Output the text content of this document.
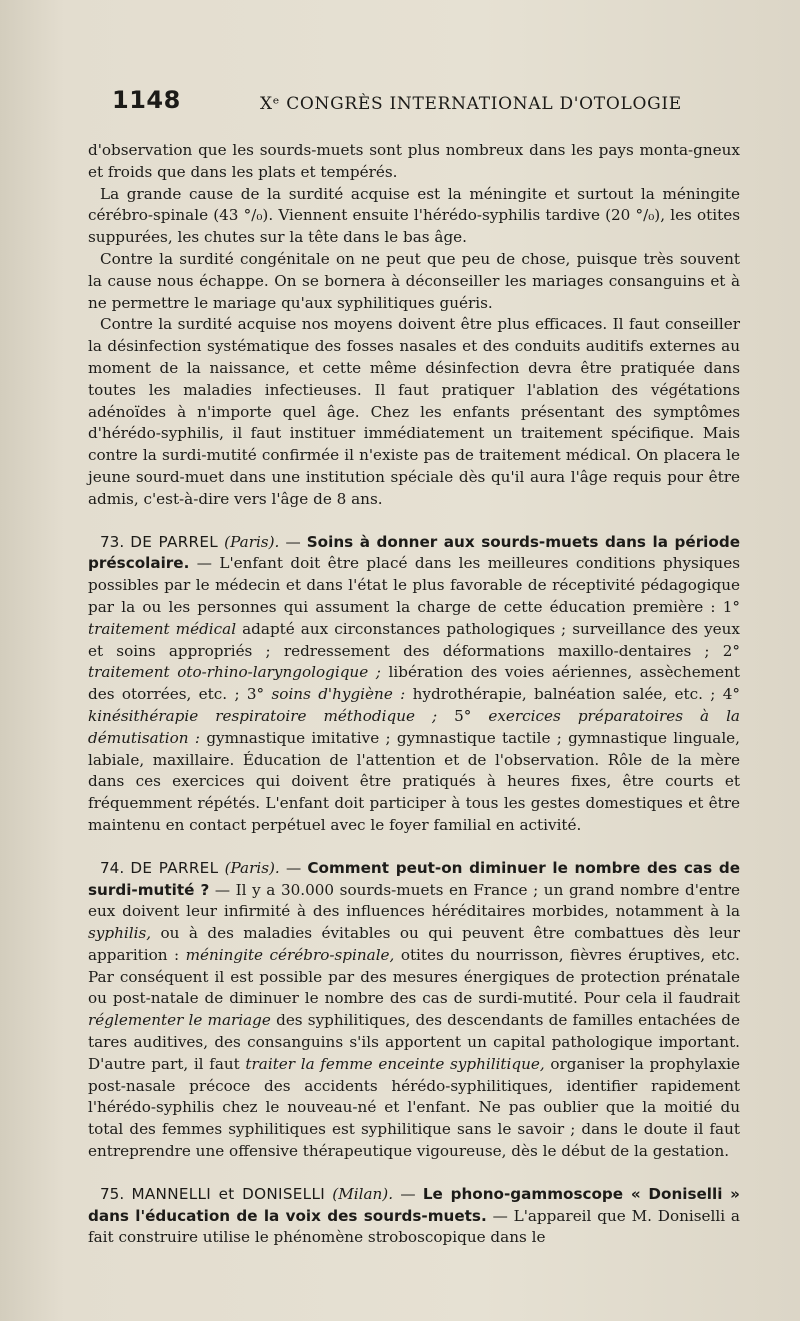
1148	Xᵉ CONGRÈS INTERNATIONAL D'OTOLOGIE

d'observation que les sourds-muets sont plus nombreux dans les pays monta-gneux et froids que dans les plats et tempérés.

La grande cause de la surdité acquise est la méningite et surtout la méningite cérébro-spinale (43 °/₀). Viennent ensuite l'hérédo-syphilis tardive (20 °/₀), les otites suppurées, les chutes sur la tête dans le bas âge.

Contre la surdité congénitale on ne peut que peu de chose, puisque très souvent la cause nous échappe. On se bornera à déconseiller les mariages consanguins et à ne permettre le mariage qu'aux syphilitiques guéris.

Contre la surdité acquise nos moyens doivent être plus efficaces. Il faut conseiller la désinfection systématique des fosses nasales et des conduits auditifs externes au moment de la naissance, et cette même désinfection devra être pratiquée dans toutes les maladies infectieuses. Il faut pratiquer l'ablation des végétations adénoïdes à n'importe quel âge. Chez les enfants présentant des symptômes d'hérédo-syphilis, il faut instituer immédiatement un traitement spécifique. Mais contre la surdi-mutité confirmée il n'existe pas de traitement médical. On placera le jeune sourd-muet dans une institution spéciale dès qu'il aura l'âge requis pour être admis, c'est-à-dire vers l'âge de 8 ans.

73. DE PARREL (Paris). — Soins à donner aux sourds-muets dans la période préscolaire. — L'enfant doit être placé dans les meilleures conditions physiques possibles par le médecin et dans l'état le plus favorable de réceptivité pédagogique par la ou les personnes qui assument la charge de cette éducation première : 1° traitement médical adapté aux circonstances pathologiques ; surveillance des yeux et soins appropriés ; redressement des déformations maxillo-dentaires ; 2° traitement oto-rhino-laryngologique ; libération des voies aériennes, assèchement des otorrées, etc. ; 3° soins d'hygiène : hydrothérapie, balnéation salée, etc. ; 4° kinésithérapie respiratoire méthodique ; 5° exercices préparatoires à la démutisation : gymnastique imitative ; gymnastique tactile ; gymnastique linguale, labiale, maxillaire. Éducation de l'attention et de l'observation. Rôle de la mère dans ces exercices qui doivent être pratiqués à heures fixes, être courts et fréquemment répétés. L'enfant doit participer à tous les gestes domestiques et être maintenu en contact perpétuel avec le foyer familial en activité.

74. DE PARREL (Paris). — Comment peut-on diminuer le nombre des cas de surdi-mutité ? — Il y a 30.000 sourds-muets en France ; un grand nombre d'entre eux doivent leur infirmité à des influences héréditaires morbides, notamment à la syphilis, ou à des maladies évitables ou qui peuvent être combattues dès leur apparition : méningite cérébro-spinale, otites du nourrisson, fièvres éruptives, etc. Par conséquent il est possible par des mesures énergiques de protection prénatale ou post-natale de diminuer le nombre des cas de surdi-mutité. Pour cela il faudrait réglementer le mariage des syphilitiques, des descendants de familles entachées de tares auditives, des consanguins s'ils apportent un capital pathologique important. D'autre part, il faut traiter la femme enceinte syphilitique, organiser la prophylaxie post-nasale précoce des accidents hérédo-syphilitiques, identifier rapidement l'hérédo-syphilis chez le nouveau-né et l'enfant. Ne pas oublier que la moitié du total des femmes syphilitiques est syphilitique sans le savoir ; dans le doute il faut entreprendre une offensive thérapeutique vigoureuse, dès le début de la gestation.

75. MANNELLI et DONISELLI (Milan). — Le phono-gammoscope « Doniselli » dans l'éducation de la voix des sourds-muets. — L'appareil que M. Doniselli a fait construire utilise le phénomène stroboscopique dans le
